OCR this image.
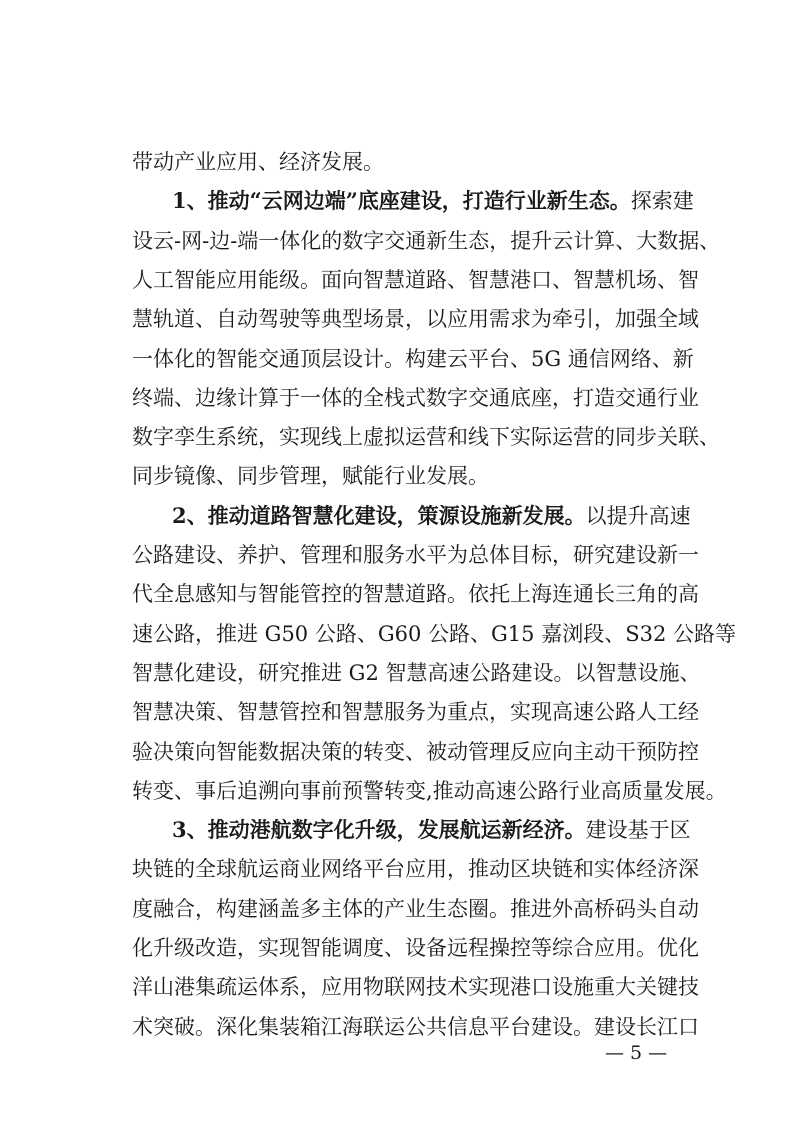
带动产业应用、经济发展。
1、推动“云网边端”底座建设，打造行业新生态。探索建
设云-网-边-端一体化的数字交通新生态，提升云计算、大数据、
人工智能应用能级。面向智慧道路、智慧港口、智慧机场、智
慧轨道、自动驾驶等典型场景，以应用需求为牵引，加强全域
一体化的智能交通顶层设计。构建云平台、5G 通信网络、新
终端、边缘计算于一体的全栈式数字交通底座，打造交通行业
数字孪生系统，实现线上虚拟运营和线下实际运营的同步关联、
同步镜像、同步管理，赋能行业发展。
2、推动道路智慧化建设，策源设施新发展。以提升高速
公路建设、养护、管理和服务水平为总体目标，研究建设新一
代全息感知与智能管控的智慧道路。依托上海连通长三角的高
速公路，推进 G50 公路、G60 公路、G15 嘉浏段、S32 公路等
智慧化建设，研究推进 G2 智慧高速公路建设。以智慧设施、
智慧决策、智慧管控和智慧服务为重点，实现高速公路人工经
验决策向智能数据决策的转变、被动管理反应向主动干预防控
转变、事后追溯向事前预警转变,推动高速公路行业高质量发展。
3、推动港航数字化升级，发展航运新经济。建设基于区
块链的全球航运商业网络平台应用，推动区块链和实体经济深
度融合，构建涵盖多主体的产业生态圈。推进外高桥码头自动
化升级改造，实现智能调度、设备远程操控等综合应用。优化
洋山港集疏运体系，应用物联网技术实现港口设施重大关键技
术突破。深化集装箱江海联运公共信息平台建设。建设长江口
— 5 —
